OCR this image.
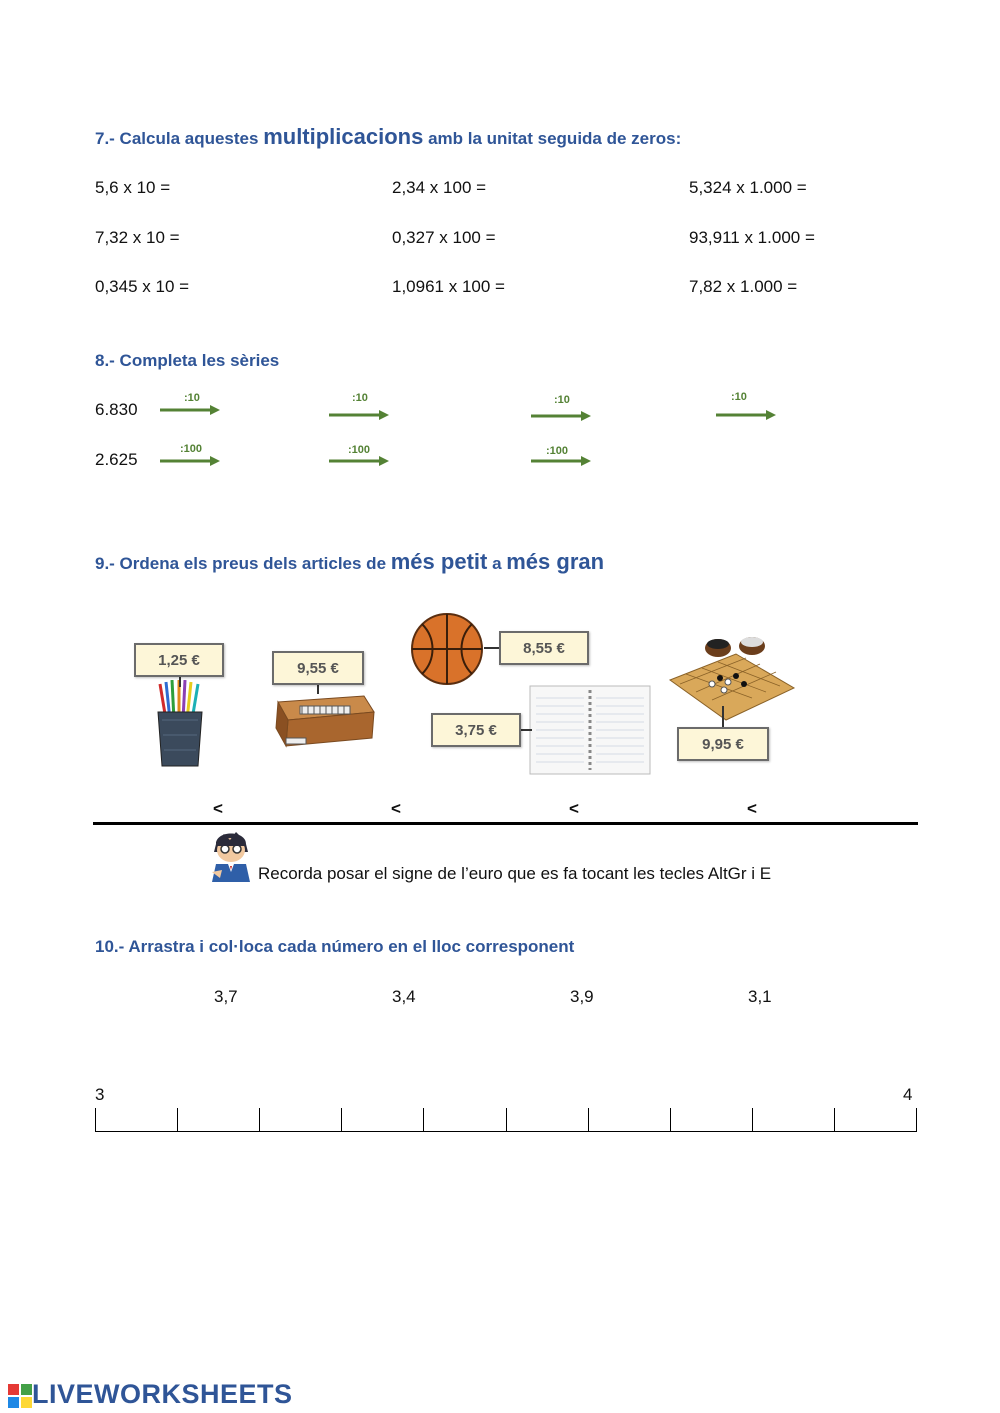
7.- Calcula aquestes multiplicacions amb la unitat seguida de zeros:
5,6 x 10 =	2,34 x 100 =	5,324 x 1.000 =
7,32 x 10 =	0,327 x 100 =	93,911 x 1.000 =
0,345 x 10 =	1,0961 x 100 =	7,82 x 1.000 =
8.- Completa les sèries
6.830
2.625
:10	:10	:10	:10
:100	:100	:100
9.- Ordena els preus dels articles de més petit a més gran
1,25 €	9,55 €
8,55 €
3,75 €
9,95 €
<	<	<	<
Recorda posar el signe de l’euro que es fa tocant les tecles AltGr i E
10.- Arrastra i col·loca cada número en el lloc corresponent
3,7	3,4	3,9	3,1
3	4
LIVEWORKSHEETS
